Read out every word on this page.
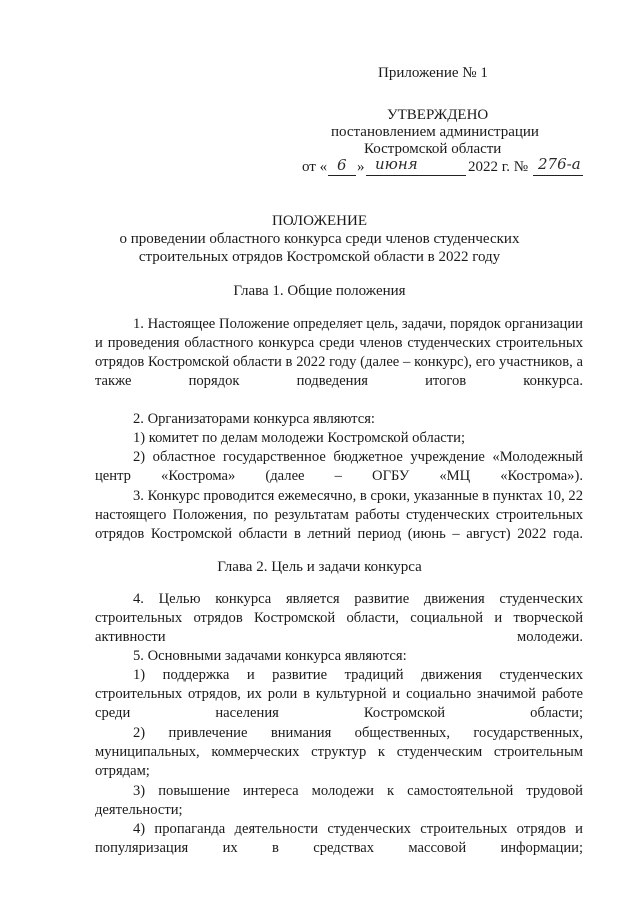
Приложение № 1
УТВЕРЖДЕНО
постановлением администрации
Костромской области
от « 6 » июня	2022 г. № 276-а
ПОЛОЖЕНИЕ
о проведении областного конкурса среди членов студенческих
строительных отрядов Костромской области в 2022 году
Глава 1. Общие положения
1. Настоящее Положение определяет цель, задачи, порядок организации и проведения областного конкурса среди членов студенческих строительных отрядов Костромской области в 2022 году (далее – конкурс), его участников, а также порядок подведения итогов конкурса.
2. Организаторами конкурса являются:
1) комитет по делам молодежи Костромской области;
2) областное государственное бюджетное учреждение «Молодежный центр «Кострома» (далее – ОГБУ «МЦ «Кострома»).
3. Конкурс проводится ежемесячно, в сроки, указанные в пунктах 10, 22 настоящего Положения, по результатам работы студенческих строительных отрядов Костромской области в летний период (июнь – август) 2022 года.
Глава 2. Цель и задачи конкурса
4. Целью конкурса является развитие движения студенческих строительных отрядов Костромской области, социальной и творческой активности молодежи.
5. Основными задачами конкурса являются:
1) поддержка и развитие традиций движения студенческих строительных отрядов, их роли в культурной и социально значимой работе среди населения Костромской области;
2) привлечение внимания общественных, государственных, муниципальных, коммерческих структур к студенческим строительным отрядам;
3) повышение интереса молодежи к самостоятельной трудовой деятельности;
4) пропаганда деятельности студенческих строительных отрядов и популяризация их в средствах массовой информации;
